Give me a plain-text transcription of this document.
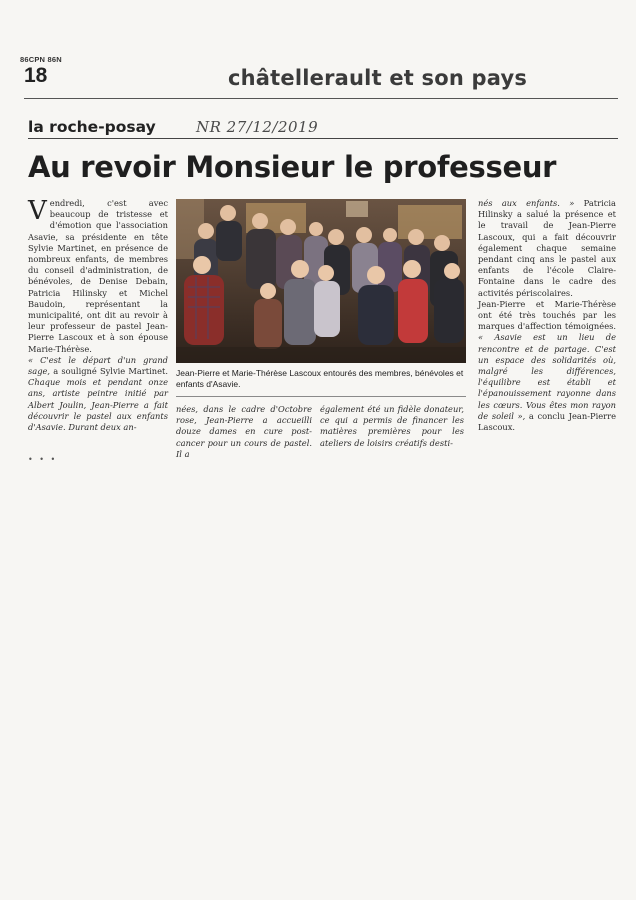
86CPN 86N
18	châtellerault et son pays
la roche-posay	NR 27/12/2019
Au revoir Monsieur le professeur

Vendredi, c'est avec beaucoup de tristesse et d'émotion que l'association Asavie, sa présidente en tête Sylvie Martinet, en présence de nombreux enfants, de membres du conseil d'administration, de bénévoles, de Denise Debain, Patricia Hilinsky et Michel Baudoin, représentant la municipalité, ont dit au revoir à leur professeur de pastel Jean-Pierre Lascoux et à son épouse Marie-Thérèse.

« C'est le départ d'un grand sage, a souligné Sylvie Martinet. Chaque mois et pendant onze ans, artiste peintre initié par Albert Joulin, Jean-Pierre a fait découvrir le pastel aux enfants d'Asavie. Durant deux an-

• • •
Jean-Pierre et Marie-Thérèse Lascoux entourés des membres, bénévoles et enfants d'Asavie.

nées, dans le cadre d'Octobre rose, Jean-Pierre a accueilli douze dames en cure post-cancer pour un cours de pastel. Il a

également été un fidèle donateur, ce qui a permis de financer les matières premières pour les ateliers de loisirs créatifs desti-

nés aux enfants. » Patricia Hilinsky a salué la présence et le travail de Jean-Pierre Lascoux, qui a fait découvrir également chaque semaine pendant cinq ans le pastel aux enfants de l'école Claire-Fontaine dans le cadre des activités périscolaires.

Jean-Pierre et Marie-Thérèse ont été très touchés par les marques d'affection témoignées. « Asavie est un lieu de rencontre et de partage. C'est un espace des solidarités où, malgré les différences, l'équilibre est établi et l'épanouissement rayonne dans les cœurs. Vous êtes mon rayon de soleil », a conclu Jean-Pierre Lascoux.
